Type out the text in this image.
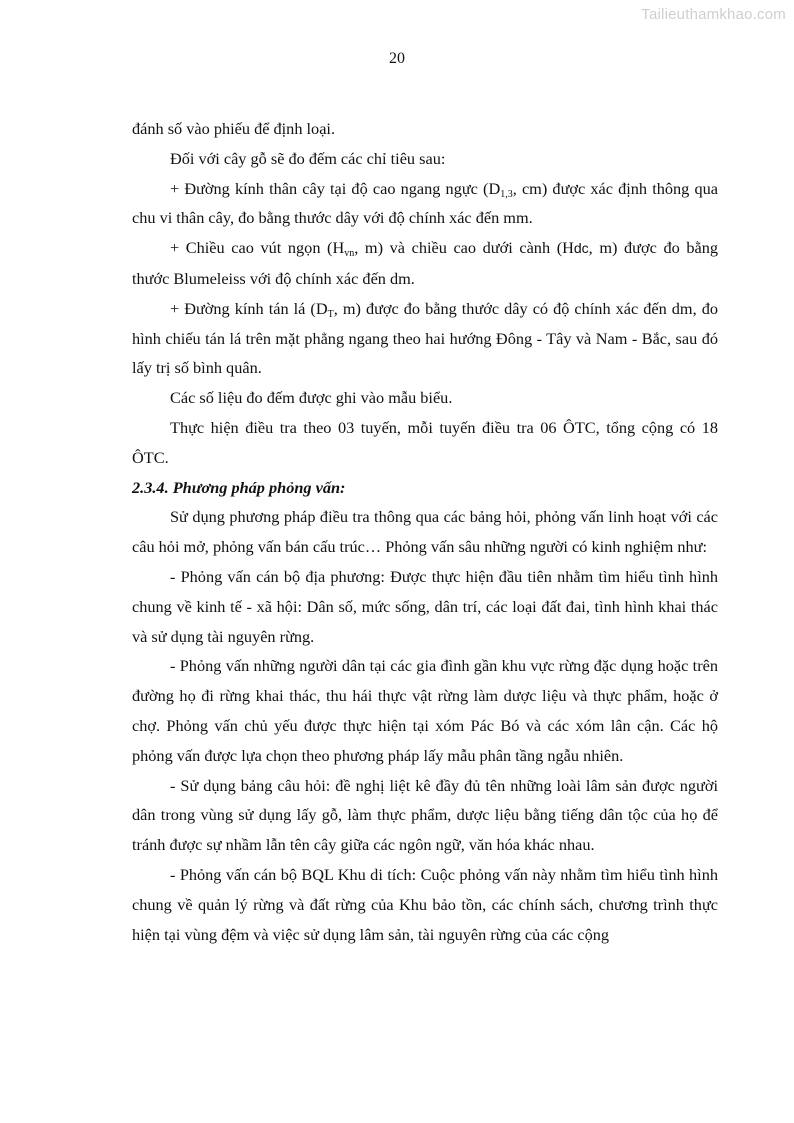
Tailieuthamkhao.com
20

đánh số vào phiếu để định loại.

Đối với cây gỗ sẽ đo đếm các chỉ tiêu sau:

+ Đường kính thân cây tại độ cao ngang ngực ($D_{1,3}$, cm) được xác định thông qua chu vi thân cây, đo bằng thước dây với độ chính xác đến mm.

+ Chiều cao vút ngọn ($H_{vn}$, m) và chiều cao dưới cành (Hdc, m) được đo bằng thước Blumeleiss với độ chính xác đến dm.

+ Đường kính tán lá ($D_T$, m) được đo bằng thước dây có độ chính xác đến dm, đo hình chiếu tán lá trên mặt phẳng ngang theo hai hướng Đông - Tây và Nam - Bắc, sau đó lấy trị số bình quân.

Các số liệu đo đếm được ghi vào mẫu biểu.

Thực hiện điều tra theo 03 tuyến, mỗi tuyến điều tra 06 ÔTC, tổng cộng có 18 ÔTC.

2.3.4. Phương pháp phỏng vấn:

Sử dụng phương pháp điều tra thông qua các bảng hỏi, phỏng vấn linh hoạt với các câu hỏi mở, phỏng vấn bán cấu trúc… Phỏng vấn sâu những người có kinh nghiệm như:

- Phỏng vấn cán bộ địa phương: Được thực hiện đầu tiên nhằm tìm hiểu tình hình chung về kinh tế - xã hội: Dân số, mức sống, dân trí, các loại đất đai, tình hình khai thác và sử dụng tài nguyên rừng.

- Phỏng vấn những người dân tại các gia đình gần khu vực rừng đặc dụng hoặc trên đường họ đi rừng khai thác, thu hái thực vật rừng làm dược liệu và thực phẩm, hoặc ở chợ. Phỏng vấn chủ yếu được thực hiện tại xóm Pác Bó và các xóm lân cận. Các hộ phỏng vấn được lựa chọn theo phương pháp lấy mẫu phân tầng ngẫu nhiên.

- Sử dụng bảng câu hỏi: đề nghị liệt kê đầy đủ tên những loài lâm sản được người dân trong vùng sử dụng lấy gỗ, làm thực phẩm, dược liệu bằng tiếng dân tộc của họ để tránh được sự nhầm lẫn tên cây giữa các ngôn ngữ, văn hóa khác nhau.

- Phỏng vấn cán bộ BQL Khu di tích: Cuộc phỏng vấn này nhằm tìm hiểu tình hình chung về quản lý rừng và đất rừng của Khu bảo tồn, các chính sách, chương trình thực hiện tại vùng đệm và việc sử dụng lâm sản, tài nguyên rừng của các cộng
